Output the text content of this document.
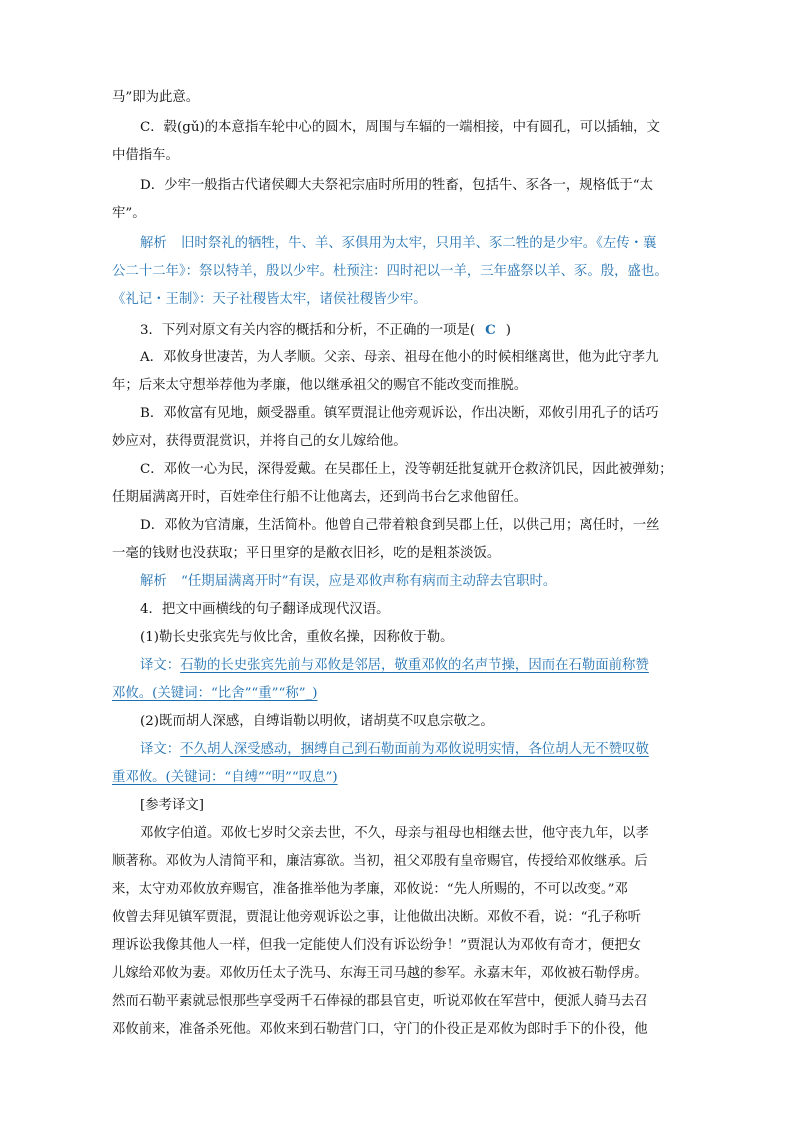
马”即为此意。
C．毂(gǔ)的本意指车轮中心的圆木，周围与车辐的一端相接，中有圆孔，可以插轴，文
中借指车。
D．少牢一般指古代诸侯卿大夫祭祀宗庙时所用的牲畜，包括牛、豕各一，规格低于“太
牢”。
解析 旧时祭礼的牺牲，牛、羊、豕俱用为太牢，只用羊、豕二牲的是少牢。《左传・襄
公二十二年》：祭以特羊，殷以少牢。杜预注：四时祀以一羊，三年盛祭以羊、豕。殷，盛也。
《礼记・王制》：天子社稷皆太牢，诸侯社稷皆少牢。
3．下列对原文有关内容的概括和分析，不正确的一项是( C )
A．邓攸身世凄苦，为人孝顺。父亲、母亲、祖母在他小的时候相继离世，他为此守孝九
年；后来太守想举荐他为孝廉，他以继承祖父的赐官不能改变而推脱。
B．邓攸富有见地，颇受器重。镇军贾混让他旁观诉讼，作出决断，邓攸引用孔子的话巧
妙应对，获得贾混赏识，并将自己的女儿嫁给他。
C．邓攸一心为民，深得爱戴。在吴郡任上，没等朝廷批复就开仓救济饥民，因此被弹劾；
任期届满离开时，百姓牵住行船不让他离去，还到尚书台乞求他留任。
D．邓攸为官清廉，生活简朴。他曾自己带着粮食到吴郡上任，以供己用；离任时，一丝
一毫的钱财也没获取；平日里穿的是敝衣旧衫，吃的是粗茶淡饭。
解析 “任期届满离开时”有误，应是邓攸声称有病而主动辞去官职时。
4．把文中画横线的句子翻译成现代汉语。
(1)勒长史张宾先与攸比舍，重攸名操，因称攸于勒。
译文：石勒的长史张宾先前与邓攸是邻居，敬重邓攸的名声节操，因而在石勒面前称赞
邓攸。(关键词：“比舍”“重”“称”_)
(2)既而胡人深感，自缚诣勒以明攸，诸胡莫不叹息宗敬之。
译文：不久胡人深受感动，捆缚自己到石勒面前为邓攸说明实情，各位胡人无不赞叹敬
重邓攸。(关键词：“自缚”“明”“叹息”)
[参考译文]
邓攸字伯道。邓攸七岁时父亲去世，不久，母亲与祖母也相继去世，他守丧九年，以孝
顺著称。邓攸为人清简平和，廉洁寡欲。当初，祖父邓殷有皇帝赐官，传授给邓攸继承。后
来，太守劝邓攸放弃赐官，准备推举他为孝廉，邓攸说：“先人所赐的，不可以改变。”邓
攸曾去拜见镇军贾混，贾混让他旁观诉讼之事，让他做出决断。邓攸不看，说：“孔子称听
理诉讼我像其他人一样，但我一定能使人们没有诉讼纷争！”贾混认为邓攸有奇才，便把女
儿嫁给邓攸为妻。邓攸历任太子洗马、东海王司马越的参军。永嘉末年，邓攸被石勒俘虏。
然而石勒平素就忌恨那些享受两千石俸禄的郡县官吏，听说邓攸在军营中，便派人骑马去召
邓攸前来，准备杀死他。邓攸来到石勒营门口，守门的仆役正是邓攸为郎时手下的仆役，他
